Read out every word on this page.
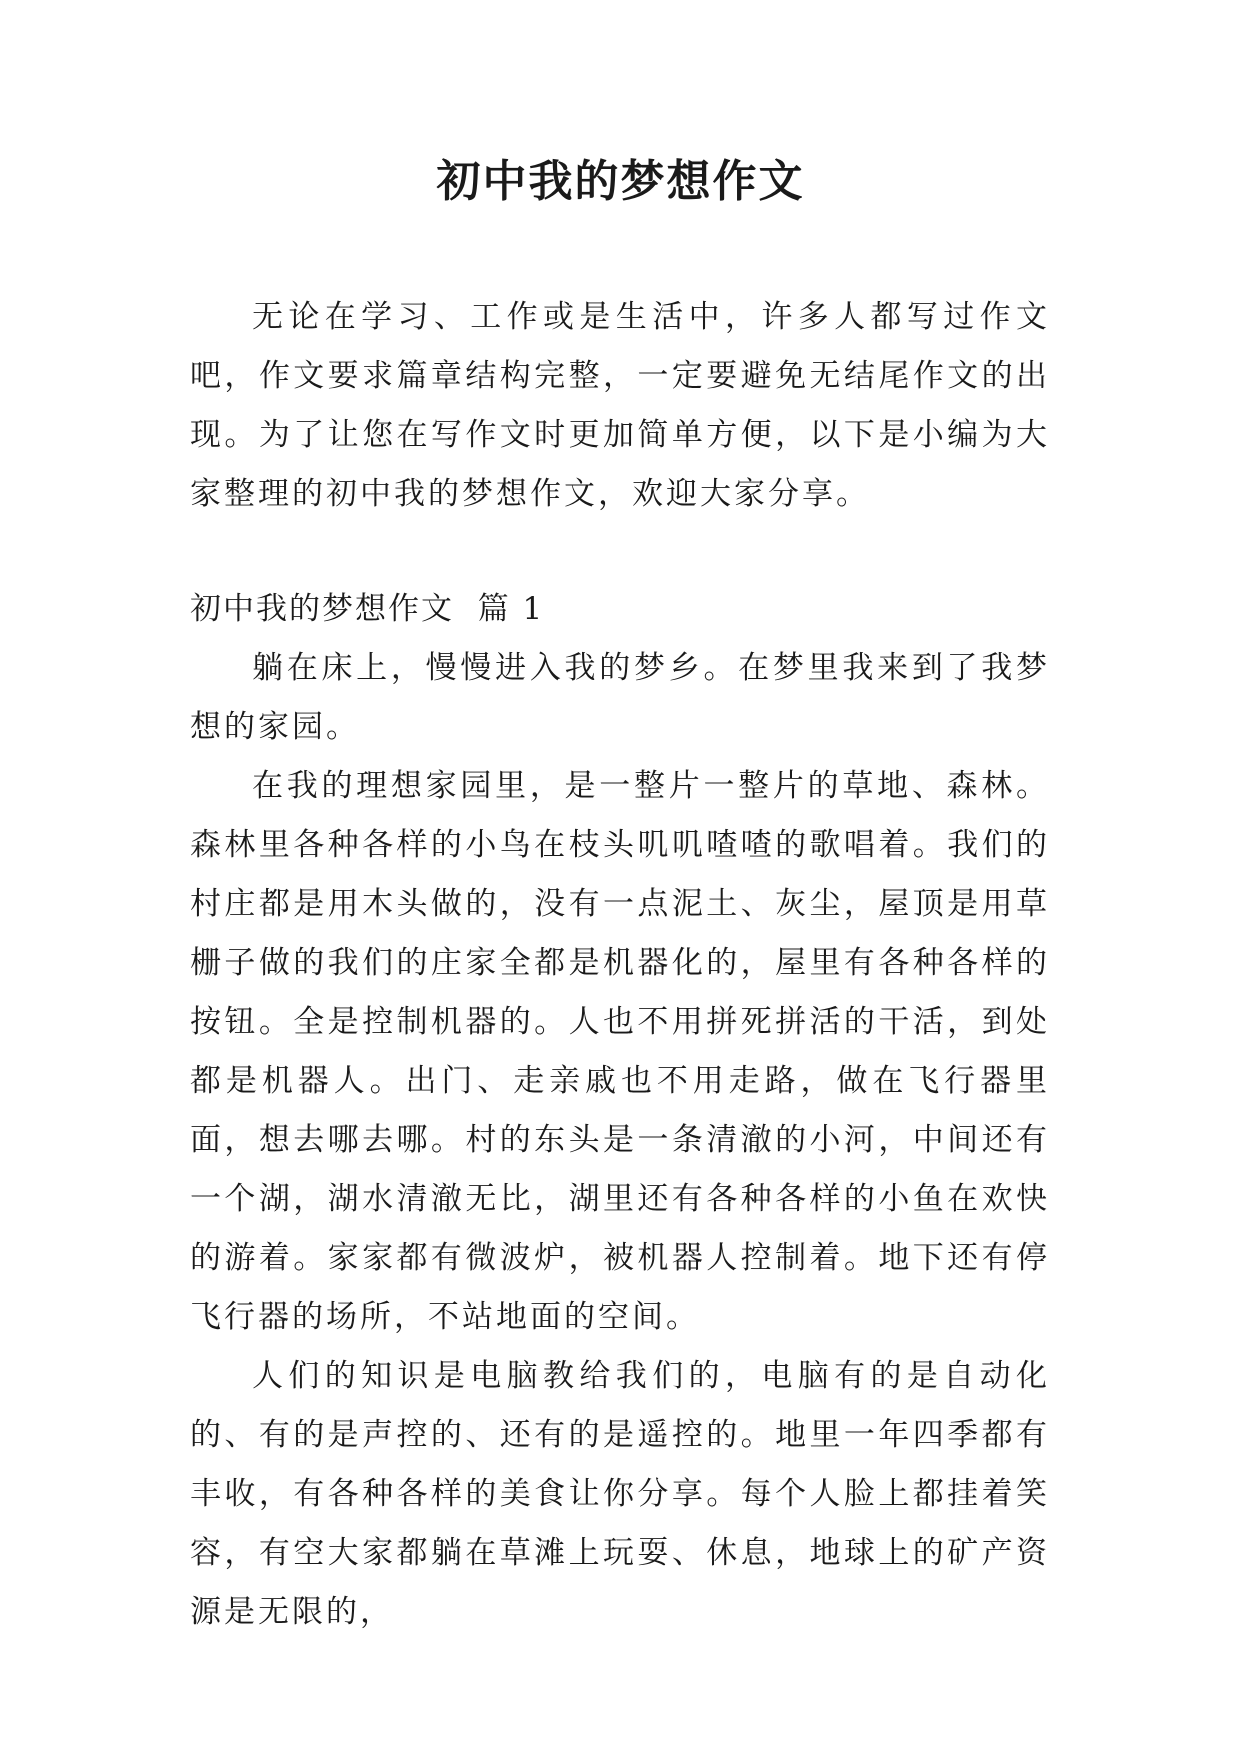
初中我的梦想作文

无论在学习、工作或是生活中，许多人都写过作文吧，作文要求篇章结构完整，一定要避免无结尾作文的出现。为了让您在写作文时更加简单方便，以下是小编为大家整理的初中我的梦想作文，欢迎大家分享。

初中我的梦想作文  篇 1

躺在床上，慢慢进入我的梦乡。在梦里我来到了我梦想的家园。

在我的理想家园里，是一整片一整片的草地、森林。森林里各种各样的小鸟在枝头叽叽喳喳的歌唱着。我们的村庄都是用木头做的，没有一点泥土、灰尘，屋顶是用草栅子做的我们的庄家全都是机器化的，屋里有各种各样的按钮。全是控制机器的。人也不用拼死拼活的干活，到处都是机器人。出门、走亲戚也不用走路，做在飞行器里面，想去哪去哪。村的东头是一条清澈的小河，中间还有一个湖，湖水清澈无比，湖里还有各种各样的小鱼在欢快的游着。家家都有微波炉，被机器人控制着。地下还有停飞行器的场所，不站地面的空间。

人们的知识是电脑教给我们的，电脑有的是自动化的、有的是声控的、还有的是遥控的。地里一年四季都有丰收，有各种各样的美食让你分享。每个人脸上都挂着笑容，有空大家都躺在草滩上玩耍、休息，地球上的矿产资源是无限的，
